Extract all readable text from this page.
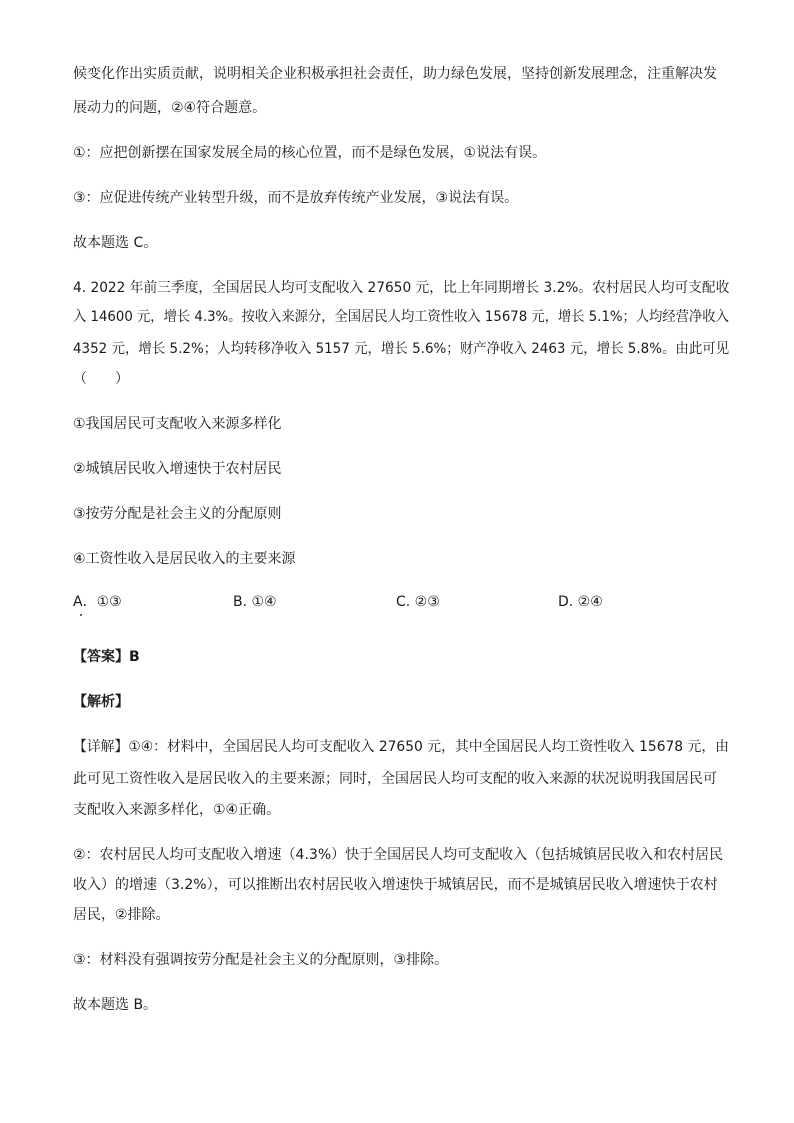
候变化作出实质贡献，说明相关企业积极承担社会责任，助力绿色发展，坚持创新发展理念，注重解决发
展动力的问题，②④符合题意。
①：应把创新摆在国家发展全局的核心位置，而不是绿色发展，①说法有误。
③：应促进传统产业转型升级，而不是放弃传统产业发展，③说法有误。
故本题选 C。
4. 2022 年前三季度，全国居民人均可支配收入 27650 元，比上年同期增长 3.2%。农村居民人均可支配收
入 14600 元，增长 4.3%。按收入来源分，全国居民人均工资性收入 15678 元，增长 5.1%；人均经营净收入
4352 元，增长 5.2%；人均转移净收入 5157 元，增长 5.6%；财产净收入 2463 元，增长 5.8%。由此可见
（　　）
①我国居民可支配收入来源多样化
②城镇居民收入增速快于农村居民
③按劳分配是社会主义的分配原则
④工资性收入是居民收入的主要来源
A．①③	B. ①④	C. ②③	D. ②④
【答案】B
【解析】
【详解】①④：材料中，全国居民人均可支配收入 27650 元，其中全国居民人均工资性收入 15678 元，由
此可见工资性收入是居民收入的主要来源；同时，全国居民人均可支配的收入来源的状况说明我国居民可
支配收入来源多样化，①④正确。
②：农村居民人均可支配收入增速（4.3%）快于全国居民人均可支配收入（包括城镇居民收入和农村居民
收入）的增速（3.2%），可以推断出农村居民收入增速快于城镇居民，而不是城镇居民收入增速快于农村
居民，②排除。
③：材料没有强调按劳分配是社会主义的分配原则，③排除。
故本题选 B。
